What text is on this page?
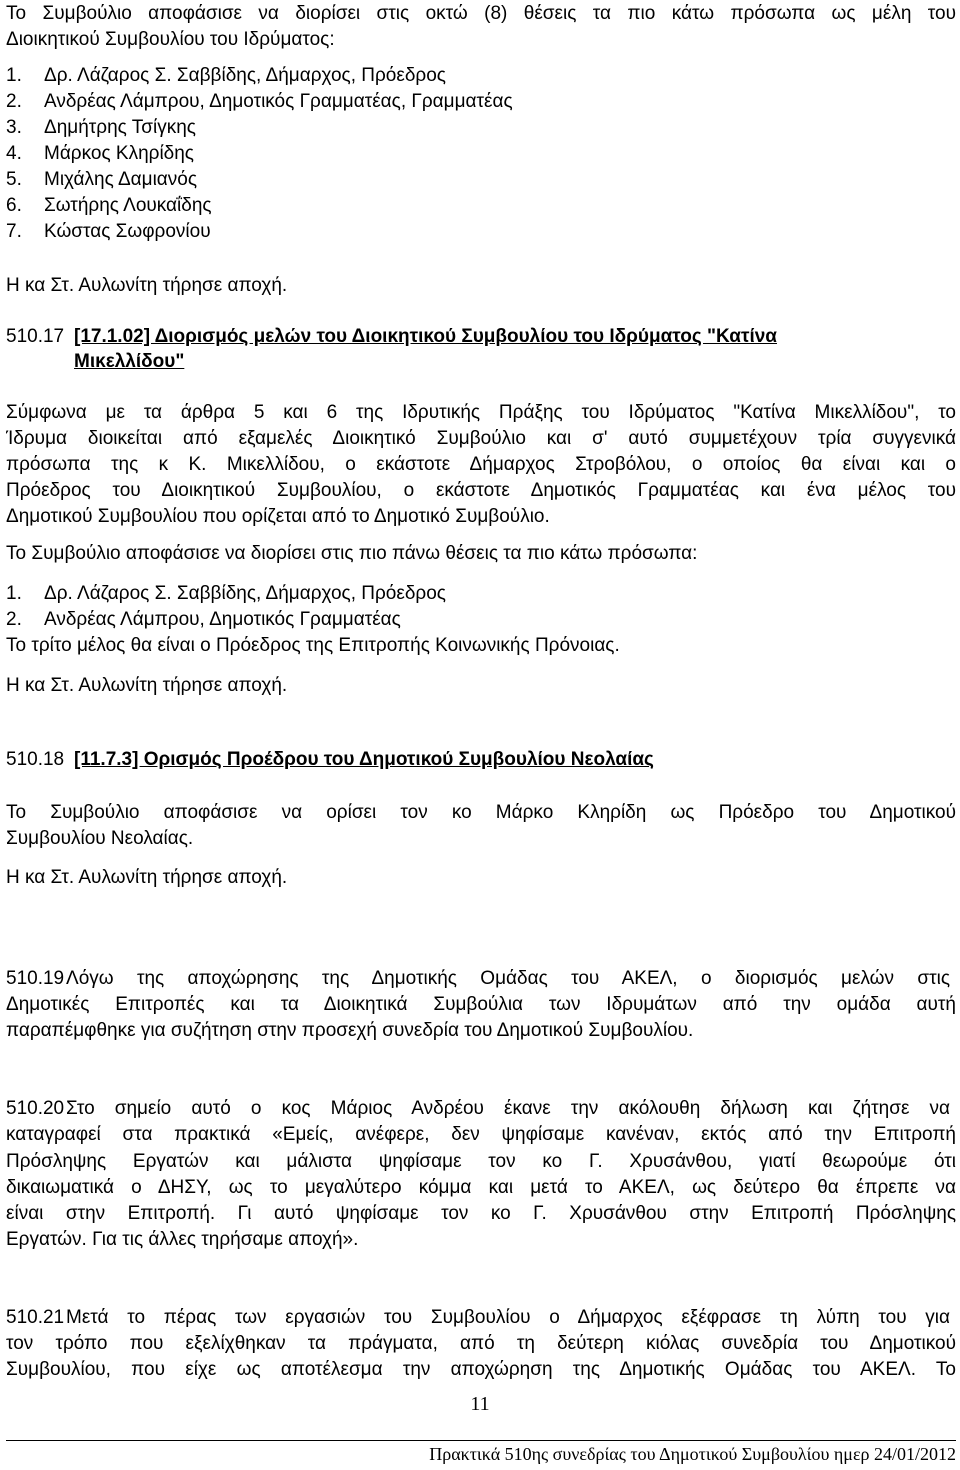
Το Συμβούλιο αποφάσισε να διορίσει στις οκτώ (8) θέσεις τα πιο κάτω πρόσωπα ως μέλη του
Διοικητικού Συμβουλίου του Ιδρύματος:
1. Δρ. Λάζαρος Σ. Σαββίδης, Δήμαρχος, Πρόεδρος
2. Ανδρέας Λάμπρου, Δημοτικός Γραμματέας, Γραμματέας
3. Δημήτρης Τσίγκης
4. Μάρκος Κληρίδης
5. Μιχάλης Δαμιανός
6. Σωτήρης Λουκαΐδης
7. Κώστας Σωφρονίου
Η κα Στ. Αυλωνίτη τήρησε αποχή.
510.17 [17.1.02] Διορισμός μελών του Διοικητικού Συμβουλίου του Ιδρύματος "Κατίνα
Μικελλίδου"
Σύμφωνα με τα άρθρα 5 και 6 της Ιδρυτικής Πράξης του Ιδρύματος "Κατίνα Μικελλίδου", το
Ίδρυμα διοικείται από εξαμελές Διοικητικό Συμβούλιο και σ' αυτό συμμετέχουν τρία συγγενικά
πρόσωπα της κ Κ. Μικελλίδου, ο εκάστοτε Δήμαρχος Στροβόλου, ο οποίος θα είναι και ο
Πρόεδρος του Διοικητικού Συμβουλίου, ο εκάστοτε Δημοτικός Γραμματέας και ένα μέλος του
Δημοτικού Συμβουλίου που ορίζεται από το Δημοτικό Συμβούλιο.
Το Συμβούλιο αποφάσισε να διορίσει στις πιο πάνω θέσεις τα πιο κάτω πρόσωπα:
1. Δρ. Λάζαρος Σ. Σαββίδης, Δήμαρχος, Πρόεδρος
2. Ανδρέας Λάμπρου, Δημοτικός Γραμματέας
Το τρίτο μέλος θα είναι ο Πρόεδρος της Επιτροπής Κοινωνικής Πρόνοιας.
Η κα Στ. Αυλωνίτη τήρησε αποχή.
510.18 [11.7.3] Ορισμός Προέδρου του Δημοτικού Συμβουλίου Νεολαίας
Το Συμβούλιο αποφάσισε να ορίσει τον κο Μάρκο Κληρίδη ως Πρόεδρο του Δημοτικού
Συμβουλίου Νεολαίας.
Η κα Στ. Αυλωνίτη τήρησε αποχή.
510.19Λόγω της αποχώρησης της Δημοτικής Ομάδας του ΑΚΕΛ, ο διορισμός μελών στις
Δημοτικές Επιτροπές και τα Διοικητικά Συμβούλια των Ιδρυμάτων από την ομάδα αυτή
παραπέμφθηκε για συζήτηση στην προσεχή συνεδρία του Δημοτικού Συμβουλίου.
510.20Στο σημείο αυτό ο κος Μάριος Ανδρέου έκανε την ακόλουθη δήλωση και ζήτησε να
καταγραφεί στα πρακτικά «Εμείς, ανέφερε, δεν ψηφίσαμε κανέναν, εκτός από την Επιτροπή
Πρόσληψης Εργατών και μάλιστα ψηφίσαμε τον κο Γ. Χρυσάνθου, γιατί θεωρούμε ότι
δικαιωματικά ο ΔΗΣΥ, ως το μεγαλύτερο κόμμα και μετά το ΑΚΕΛ, ως δεύτερο θα έπρεπε να
είναι στην Επιτροπή. Γι αυτό ψηφίσαμε τον κο Γ. Χρυσάνθου στην Επιτροπή Πρόσληψης
Εργατών. Για τις άλλες τηρήσαμε αποχή».
510.21Μετά το πέρας των εργασιών του Συμβουλίου ο Δήμαρχος εξέφρασε τη λύπη του για
τον τρόπο που εξελίχθηκαν τα πράγματα, από τη δεύτερη κιόλας συνεδρία του Δημοτικού
Συμβουλίου, που είχε ως αποτέλεσμα την αποχώρηση της Δημοτικής Ομάδας του ΑΚΕΛ. Το
11
Πρακτικά 510ης συνεδρίας του Δημοτικού Συμβουλίου ημερ 24/01/2012
